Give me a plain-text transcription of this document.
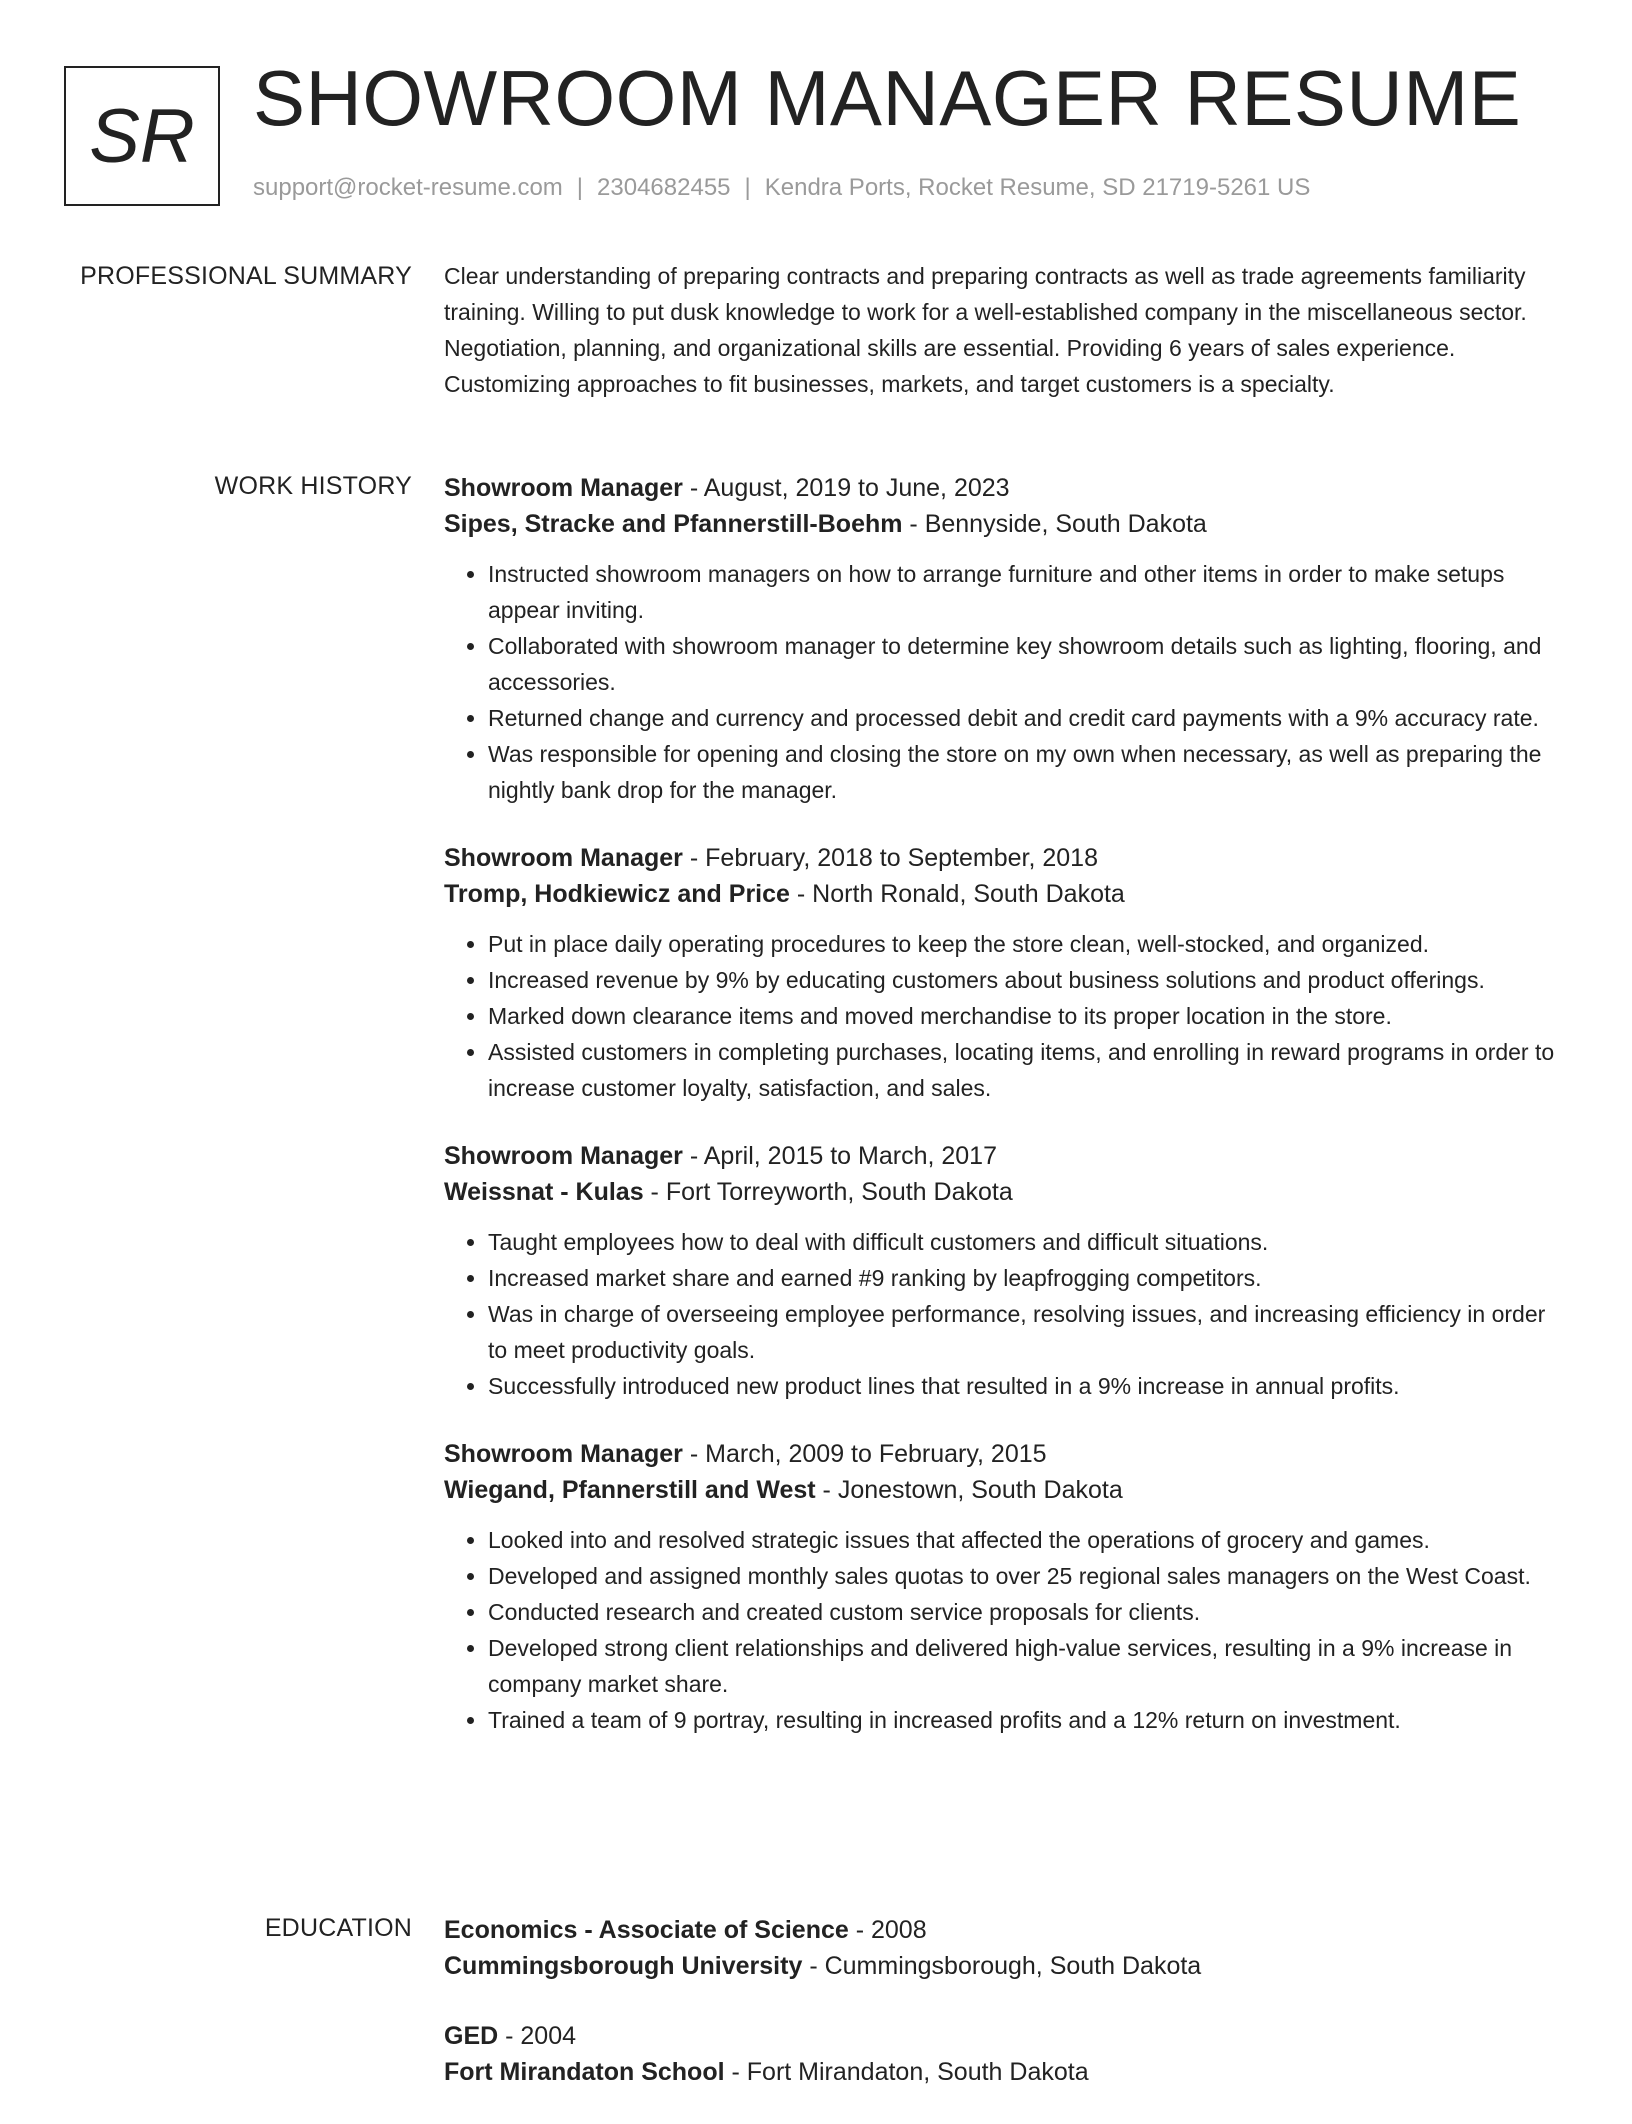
SR SHOWROOM MANAGER RESUME
support@rocket-resume.com | 2304682455 | Kendra Ports, Rocket Resume, SD 21719-5261 US
PROFESSIONAL SUMMARY Clear understanding of preparing contracts and preparing contracts as well as trade agreements familiarity training. Willing to put dusk knowledge to work for a well-established company in the miscellaneous sector. Negotiation, planning, and organizational skills are essential. Providing 6 years of sales experience. Customizing approaches to fit businesses, markets, and target customers is a specialty.

WORK HISTORY Showroom Manager - August, 2019 to June, 2023

Sipes, Stracke and Pfannerstill-Boehm - Bennyside, South Dakota

• Instructed showroom managers on how to arrange furniture and other items in order to make setups appear inviting.
• Collaborated with showroom manager to determine key showroom details such as lighting, flooring, and accessories.
• Returned change and currency and processed debit and credit card payments with a 9% accuracy rate.
• Was responsible for opening and closing the store on my own when necessary, as well as preparing the nightly bank drop for the manager.

Showroom Manager - February, 2018 to September, 2018

Tromp, Hodkiewicz and Price - North Ronald, South Dakota

• Put in place daily operating procedures to keep the store clean, well-stocked, and organized.
• Increased revenue by 9% by educating customers about business solutions and product offerings.
• Marked down clearance items and moved merchandise to its proper location in the store.
• Assisted customers in completing purchases, locating items, and enrolling in reward programs in order to increase customer loyalty, satisfaction, and sales.

Showroom Manager - April, 2015 to March, 2017

Weissnat - Kulas - Fort Torreyworth, South Dakota

• Taught employees how to deal with difficult customers and difficult situations.
• Increased market share and earned #9 ranking by leapfrogging competitors.
• Was in charge of overseeing employee performance, resolving issues, and increasing efficiency in order to meet productivity goals.
• Successfully introduced new product lines that resulted in a 9% increase in annual profits.

Showroom Manager - March, 2009 to February, 2015

Wiegand, Pfannerstill and West - Jonestown, South Dakota

• Looked into and resolved strategic issues that affected the operations of grocery and games.
• Developed and assigned monthly sales quotas to over 25 regional sales managers on the West Coast.
• Conducted research and created custom service proposals for clients.
• Developed strong client relationships and delivered high-value services, resulting in a 9% increase in company market share.
• Trained a team of 9 portray, resulting in increased profits and a 12% return on investment.
EDUCATION Economics - Associate of Science - 2008

Cummingsborough University - Cummingsborough, South Dakota

GED - 2004

Fort Mirandaton School - Fort Mirandaton, South Dakota
